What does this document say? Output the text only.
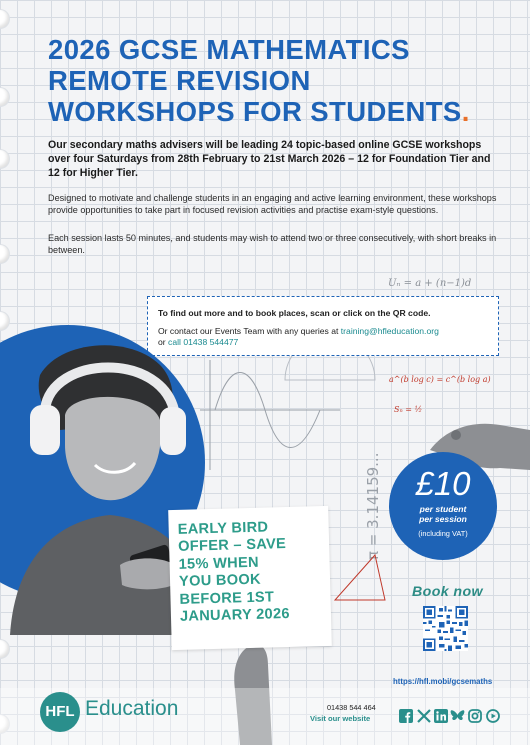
2026 GCSE MATHEMATICS
REMOTE REVISION
WORKSHOPS FOR STUDENTS.

Our secondary maths advisers will be leading 24 topic-based online GCSE workshops over four Saturdays from 28th February to 21st March 2026 – 12 for Foundation Tier and 12 for Higher Tier.

Designed to motivate and challenge students in an engaging and active learning environment, these workshops provide opportunities to take part in focused revision activities and practise exam-style questions.

Each session lasts 50 minutes, and students may wish to attend two or three consecutively, with short breaks in between.

Uₙ = a + (n−1)d
a^(b log c) = c^(b log a)
Sₙ = ½
π = 3.14159...

To find out more and to book places, scan or click on the QR code.

Or contact our Events Team with any queries at training@hfleducation.org
or call 01438 544477

£10
per student
per session
(including VAT)

EARLY BIRD
OFFER – SAVE
15% WHEN
YOU BOOK
BEFORE 1ST
JANUARY 2026

Book now
https://hfl.mobi/gcsemaths
HFL Education	01438 544 464
Visit our website
